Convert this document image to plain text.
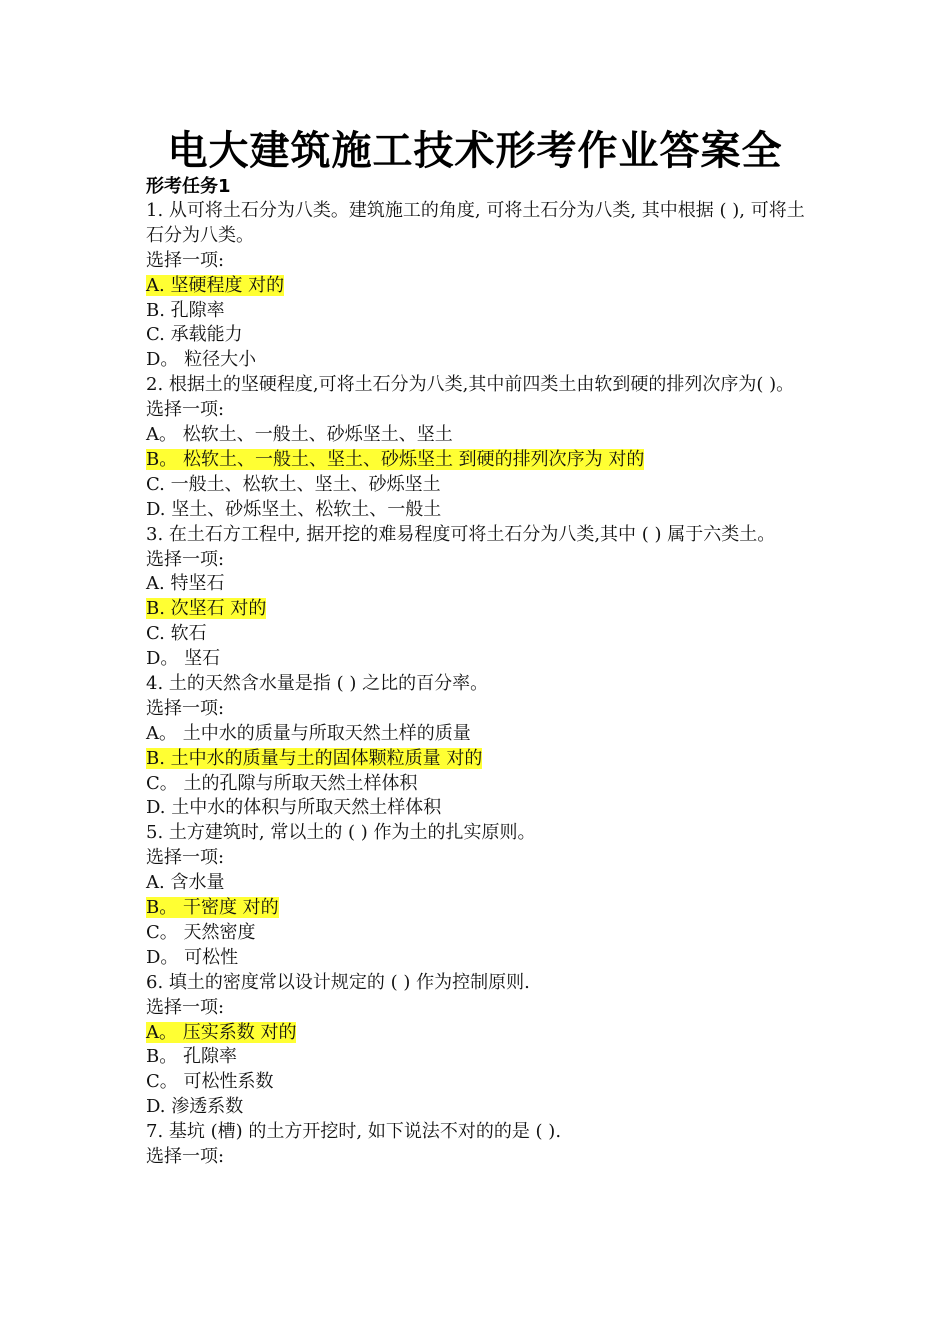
电大建筑施工技术形考作业答案全
形考任务1
1. 从可将土石分为八类。建筑施工的角度, 可将土石分为八类, 其中根据 ( ), 可将土石分为八类。
选择一项:
A. 坚硬程度 对的
B. 孔隙率
C. 承载能力
D。 粒径大小
2. 根据土的坚硬程度,可将土石分为八类,其中前四类土由软到硬的排列次序为( )。
选择一项:
A。 松软土、一般土、砂烁坚土、坚土
B。 松软土、一般土、坚土、砂烁坚土 到硬的排列次序为 对的
C. 一般土、松软土、坚土、砂烁坚土
D. 坚土、砂烁坚土、松软土、一般土
3. 在土石方工程中, 据开挖的难易程度可将土石分为八类,其中 ( ) 属于六类土。
选择一项:
A. 特坚石
B. 次坚石 对的
C. 软石
D。 坚石
4. 土的天然含水量是指 ( ) 之比的百分率。
选择一项:
A。 土中水的质量与所取天然土样的质量
B. 土中水的质量与土的固体颗粒质量 对的
C。 土的孔隙与所取天然土样体积
D. 土中水的体积与所取天然土样体积
5. 土方建筑时, 常以土的 ( ) 作为土的扎实原则。
选择一项:
A. 含水量
B。 干密度 对的
C。 天然密度
D。 可松性
6. 填土的密度常以设计规定的 ( ) 作为控制原则.
选择一项:
A。 压实系数 对的
B。 孔隙率
C。 可松性系数
D. 渗透系数
7. 基坑 (槽) 的土方开挖时, 如下说法不对的的是 ( ).
选择一项:
